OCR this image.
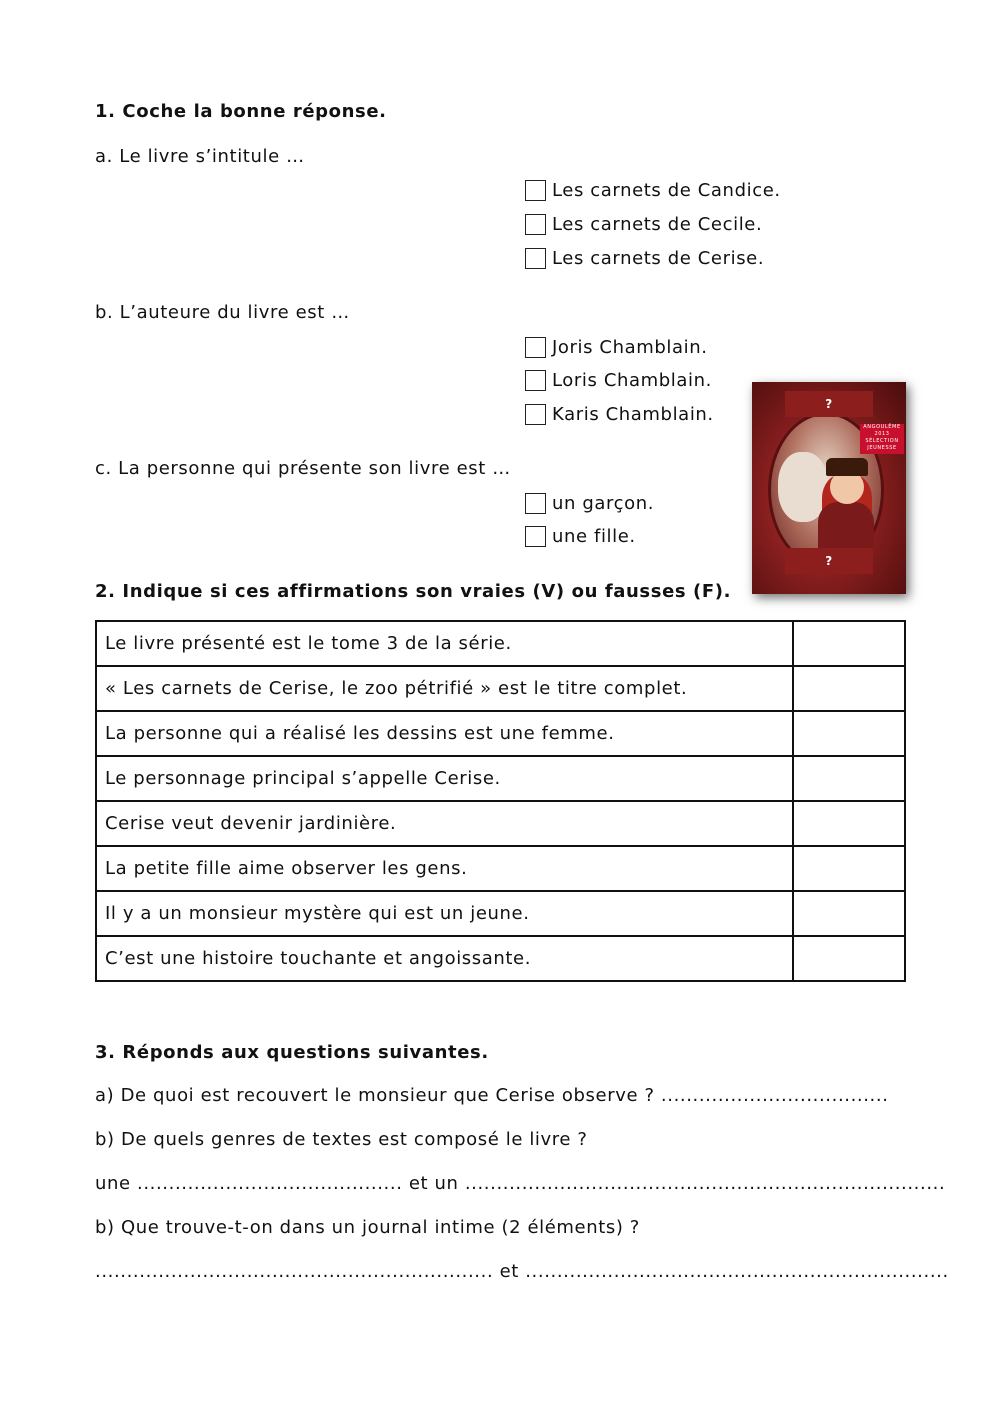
1. Coche la bonne réponse.
a. Le livre s’intitule …
Les carnets de Candice.
Les carnets de Cecile.
Les carnets de Cerise.
b. L’auteure du livre est …
Joris Chamblain.
Loris Chamblain.
Karis Chamblain.
c. La personne qui présente son livre est …
un garçon.
une fille.
ANGOULÊME 2013 SÉLECTION JEUNESSE
?
?
2. Indique si ces affirmations son vraies (V) ou fausses (F).
Le livre présenté est le tome 3 de la série.	
« Les carnets de Cerise, le zoo pétrifié » est le titre complet.	
La personne qui a réalisé les dessins est une femme.	
Le personnage principal s’appelle Cerise.	
Cerise veut devenir jardinière.	
La petite fille aime observer les gens.	
Il y a un monsieur mystère qui est un jeune.	
C’est une histoire touchante et angoissante.	
3. Réponds aux questions suivantes.
a) De quoi est recouvert le monsieur que Cerise observe ? ....................................
b) De quels genres de textes est composé le livre ?
une .......................................... et un ............................................................................
b) Que trouve-t-on dans un journal intime (2 éléments) ?
............................................................... et ...................................................................
